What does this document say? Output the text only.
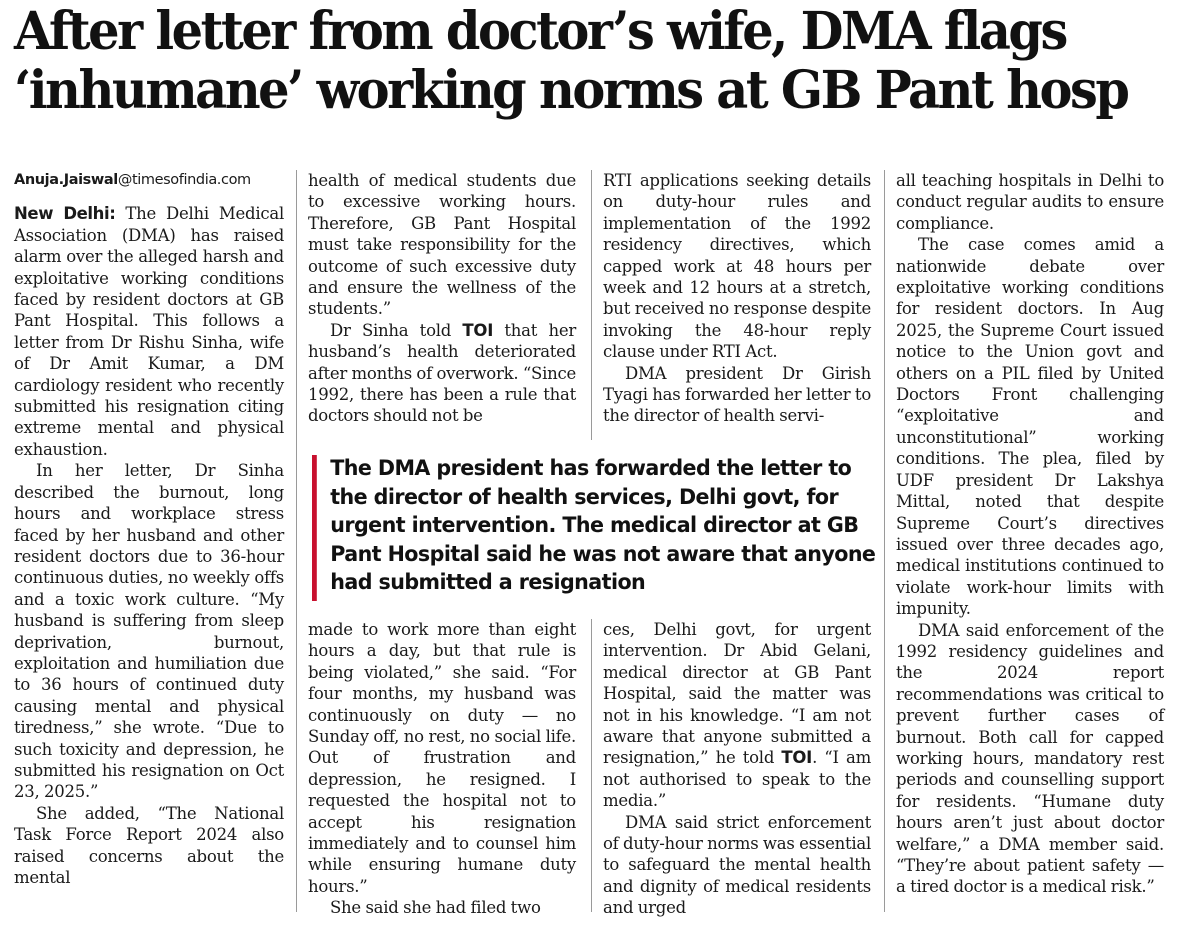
After letter from doctor’s wife, DMA flags
‘inhumane’ working norms at GB Pant hosp
Anuja.Jaiswal@timesofindia.com

New Delhi: The Delhi Medical Association (DMA) has raised alarm over the alleged harsh and exploitative working conditions faced by resident doctors at GB Pant Hospital. This follows a letter from Dr Rishu Sinha, wife of Dr Amit Kumar, a DM cardiology resident who recently submitted his resignation citing extreme mental and physical exhaustion.

In her letter, Dr Sinha described the burnout, long hours and workplace stress faced by her husband and other resident doctors due to 36-hour continuous duties, no weekly offs and a toxic work culture. “My husband is suffering from sleep deprivation, burnout, exploitation and humiliation due to 36 hours of continued duty causing mental and physical tiredness,” she wrote. “Due to such toxicity and depression, he submitted his resignation on Oct 23, 2025.”

She added, “The National Task Force Report 2024 also raised concerns about the mental

health of medical students due to excessive working hours. Therefore, GB Pant Hospital must take responsibility for the outcome of such excessive duty and ensure the wellness of the students.”

Dr Sinha told TOI that her husband’s health deteriorated after months of overwork. “Since 1992, there has been a rule that doctors should not be

RTI applications seeking details on duty-hour rules and implementation of the 1992 residency directives, which capped work at 48 hours per week and 12 hours at a stretch, but received no response despite invoking the 48-hour reply clause under RTI Act.

DMA president Dr Girish Tyagi has forwarded her letter to the director of health servi-

The DMA president has forwarded the letter to the director of health services, Delhi govt, for urgent intervention. The medical director at GB Pant Hospital said he was not aware that anyone had submitted a resignation

made to work more than eight hours a day, but that rule is being violated,” she said. “For four months, my husband was continuously on duty — no Sunday off, no rest, no social life. Out of frustration and depression, he resigned. I requested the hospital not to accept his resignation immediately and to counsel him while ensuring humane duty hours.”

She said she had filed two

ces, Delhi govt, for urgent intervention. Dr Abid Gelani, medical director at GB Pant Hospital, said the matter was not in his knowledge. “I am not aware that anyone submitted a resignation,” he told TOI. “I am not authorised to speak to the media.”

DMA said strict enforcement of duty-hour norms was essential to safeguard the mental health and dignity of medical residents and urged

all teaching hospitals in Delhi to conduct regular audits to ensure compliance.

The case comes amid a nationwide debate over exploitative working conditions for resident doctors. In Aug 2025, the Supreme Court issued notice to the Union govt and others on a PIL filed by United Doctors Front challenging “exploitative and unconstitutional” working conditions. The plea, filed by UDF president Dr Lakshya Mittal, noted that despite Supreme Court’s directives issued over three decades ago, medical institutions continued to violate work-hour limits with impunity.

DMA said enforcement of the 1992 residency guidelines and the 2024 report recommendations was critical to prevent further cases of burnout. Both call for capped working hours, mandatory rest periods and counselling support for residents. “Humane duty hours aren’t just about doctor welfare,” a DMA member said. “They’re about patient safety — a tired doctor is a medical risk.”
